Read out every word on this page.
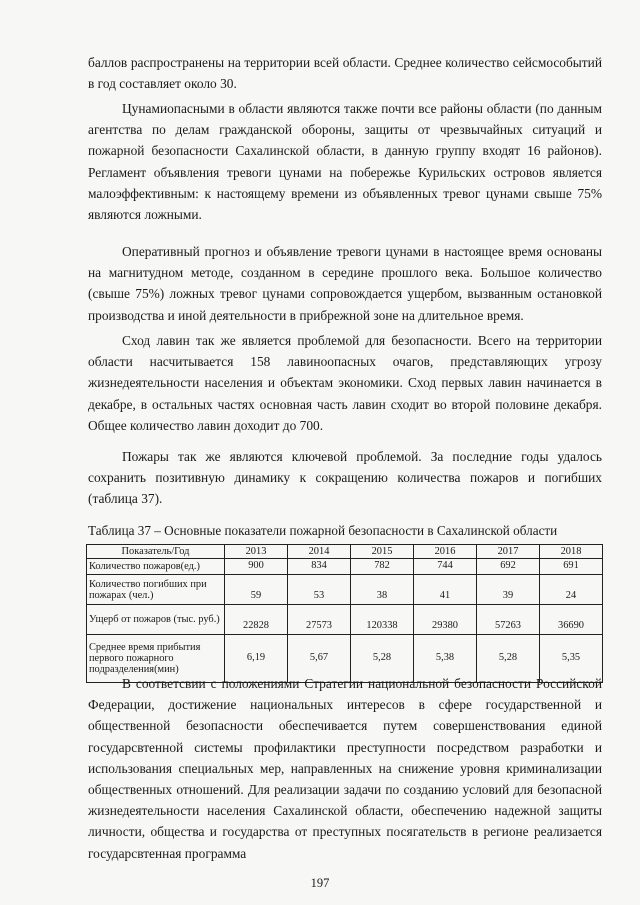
баллов распространены на территории всей области. Среднее количество сейсмособытий в год составляет около 30.

Цунамиопасными в области являются также почти все районы области (по данным агентства по делам гражданской обороны, защиты от чрезвычайных ситуаций и пожарной безопасности Сахалинской области, в данную группу входят 16 районов). Регламент объявления тревоги цунами на побережье Курильских островов является малоэффективным: к настоящему времени из объявленных тревог цунами свыше 75% являются ложными.

Оперативный прогноз и объявление тревоги цунами в настоящее время основаны на магнитудном методе, созданном в середине прошлого века. Большое количество (свыше 75%) ложных тревог цунами сопровождается ущербом, вызванным остановкой производства и иной деятельности в прибрежной зоне на длительное время.

Сход лавин так же является проблемой для безопасности. Всего на территории области насчитывается 158 лавиноопасных очагов, представляющих угрозу жизнедеятельности населения и объектам экономики. Сход первых лавин начинается в декабре, в остальных частях основная часть лавин сходит во второй половине декабря. Общее количество лавин доходит до 700.

Пожары так же являются ключевой проблемой. За последние годы удалось сохранить позитивную динамику к сокращению количества пожаров и погибших (таблица 37).

Таблица 37 – Основные показатели пожарной безопасности в Сахалинской области

Показатель/Год	2013	2014	2015	2016	2017	2018
Количество пожаров(ед.)	900	834	782	744	692	691
Количество погибших при пожарах (чел.)	59	53	38	41	39	24
Ущерб от пожаров (тыс. руб.)	22828	27573	120338	29380	57263	36690
Среднее время прибытия первого пожарного подразделения(мин)	6,19	5,67	5,28	5,38	5,28	5,35

В соответсвии с положениями Стратегии национальной безопасности Российской Федерации, достижение национальных интересов в сфере государственной и общественной безопасности обеспечивается путем совершенствования единой государсвтенной системы профилактики преступности посредством разработки и использования специальных мер, направленных на снижение уровня криминализации общественных отношений. Для реализации задачи по созданию условий для безопасной жизнедеятельности населения Сахалинской области, обеспечению надежной защиты личности, общества и государства от преступных посягательств в регионе реализается государсвтенная программа

197
